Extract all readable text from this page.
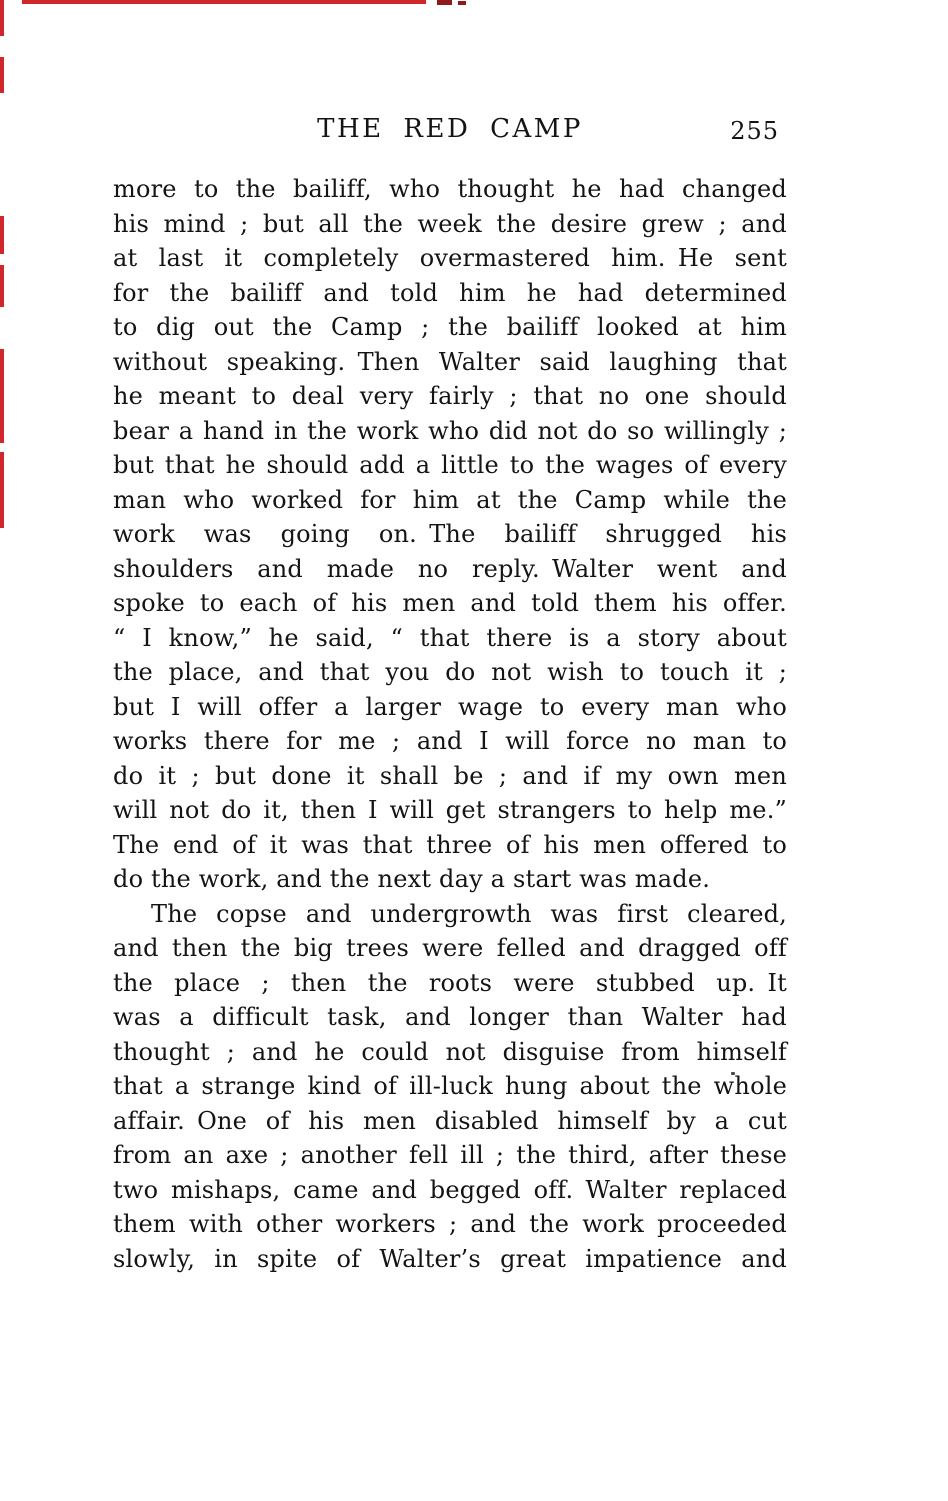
THE RED CAMP	255
more to the bailiff, who thought he had changed
his mind ; but all the week the desire grew ; and
at last it completely overmastered him. He sent
for the bailiff and told him he had determined
to dig out the Camp ; the bailiff looked at him
without speaking. Then Walter said laughing that
he meant to deal very fairly ; that no one should
bear a hand in the work who did not do so willingly ;
but that he should add a little to the wages of every
man who worked for him at the Camp while the
work was going on. The bailiff shrugged his
shoulders and made no reply. Walter went and
spoke to each of his men and told them his offer.
“ I know,” he said, “ that there is a story about
the place, and that you do not wish to touch it ;
but I will offer a larger wage to every man who
works there for me ; and I will force no man to
do it ; but done it shall be ; and if my own men
will not do it, then I will get strangers to help me.”
The end of it was that three of his men offered to
do the work, and the next day a start was made.
The copse and undergrowth was first cleared,
and then the big trees were felled and dragged off
the place ; then the roots were stubbed up. It
was a difficult task, and longer than Walter had
thought ; and he could not disguise from himself
that a strange kind of ill-luck hung about the whole
affair. One of his men disabled himself by a cut
from an axe ; another fell ill ; the third, after these
two mishaps, came and begged off. Walter replaced
them with other workers ; and the work proceeded
slowly, in spite of Walter’s great impatience and
